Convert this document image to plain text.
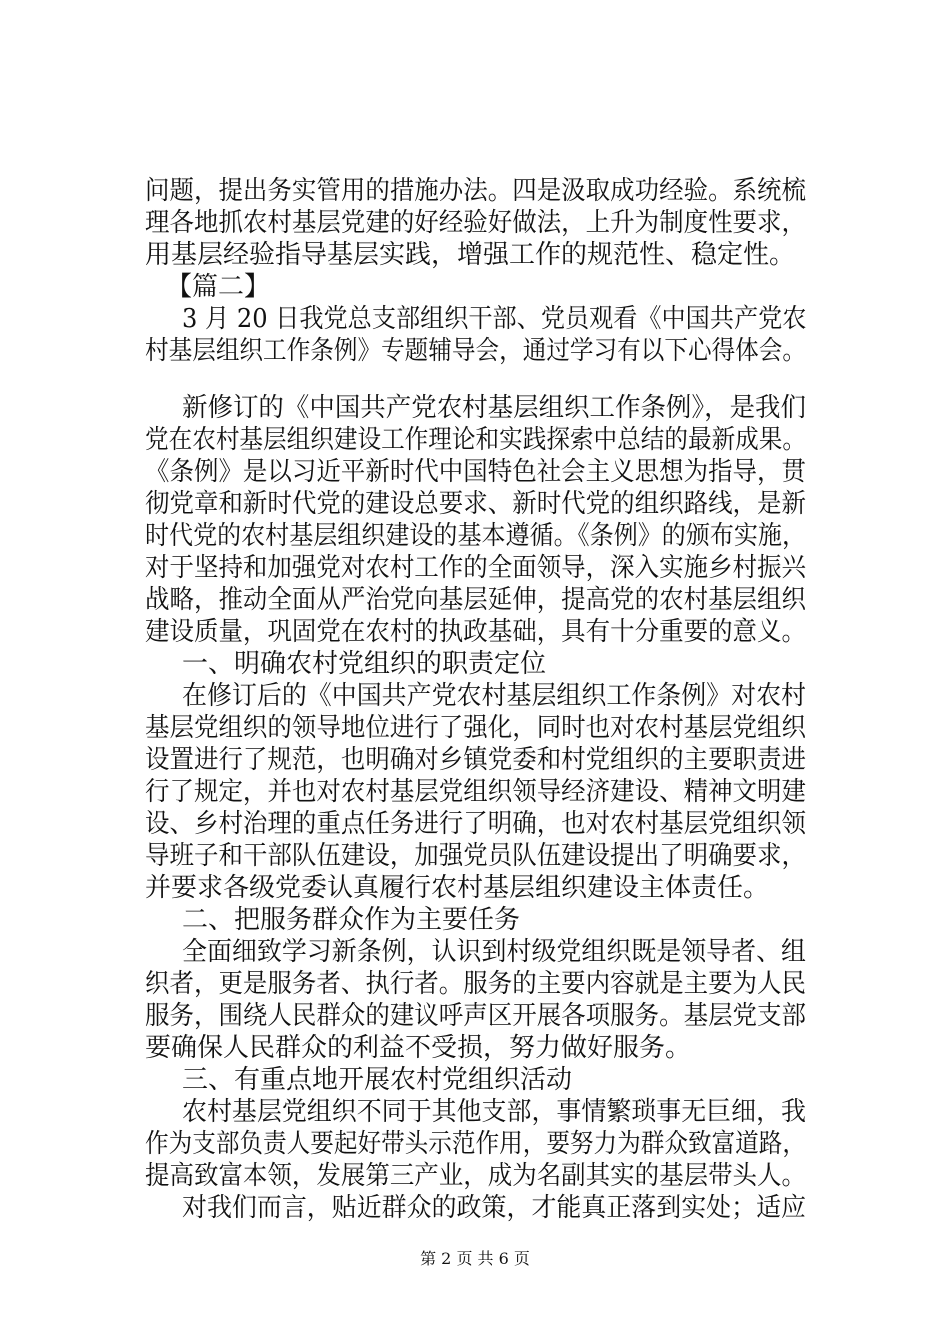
问题，提出务实管用的措施办法。四是汲取成功经验。系统梳
理各地抓农村基层党建的好经验好做法，上升为制度性要求，
用基层经验指导基层实践，增强工作的规范性、稳定性。
【篇二】
3 月 20 日我党总支部组织干部、党员观看《中国共产党农
村基层组织工作条例》专题辅导会，通过学习有以下心得体会。
新修订的《中国共产党农村基层组织工作条例》，是我们
党在农村基层组织建设工作理论和实践探索中总结的最新成果。
《条例》是以习近平新时代中国特色社会主义思想为指导，贯
彻党章和新时代党的建设总要求、新时代党的组织路线，是新
时代党的农村基层组织建设的基本遵循。《条例》的颁布实施，
对于坚持和加强党对农村工作的全面领导，深入实施乡村振兴
战略，推动全面从严治党向基层延伸，提高党的农村基层组织
建设质量，巩固党在农村的执政基础，具有十分重要的意义。
一、明确农村党组织的职责定位
在修订后的《中国共产党农村基层组织工作条例》对农村
基层党组织的领导地位进行了强化，同时也对农村基层党组织
设置进行了规范，也明确对乡镇党委和村党组织的主要职责进
行了规定，并也对农村基层党组织领导经济建设、精神文明建
设、乡村治理的重点任务进行了明确，也对农村基层党组织领
导班子和干部队伍建设，加强党员队伍建设提出了明确要求，
并要求各级党委认真履行农村基层组织建设主体责任。
二、把服务群众作为主要任务
全面细致学习新条例，认识到村级党组织既是领导者、组
织者，更是服务者、执行者。服务的主要内容就是主要为人民
服务，围绕人民群众的建议呼声区开展各项服务。基层党支部
要确保人民群众的利益不受损，努力做好服务。
三、有重点地开展农村党组织活动
农村基层党组织不同于其他支部，事情繁琐事无巨细，我
作为支部负责人要起好带头示范作用，要努力为群众致富道路，
提高致富本领，发展第三产业，成为名副其实的基层带头人。
对我们而言，贴近群众的政策，才能真正落到实处；适应
第 2 页 共 6 页
